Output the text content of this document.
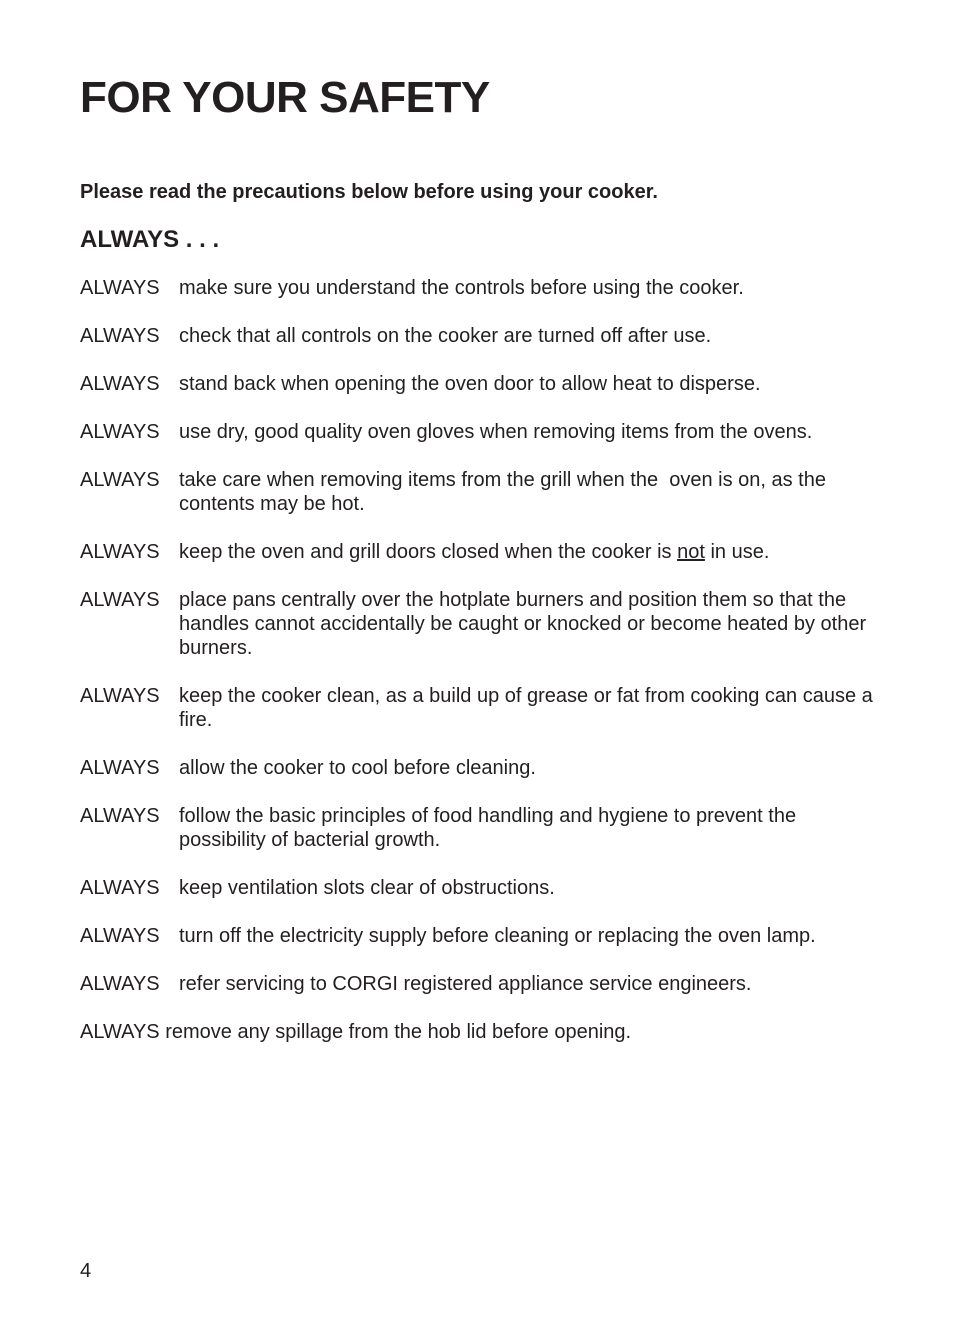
FOR YOUR SAFETY

Please read the precautions below before using your cooker.

ALWAYS . . .
ALWAYS make sure you understand the controls before using the cooker.
ALWAYS check that all controls on the cooker are turned off after use.
ALWAYS stand back when opening the oven door to allow heat to disperse.
ALWAYS use dry, good quality oven gloves when removing items from the ovens.
ALWAYS take care when removing items from the grill when the  oven is on, as the contents may be hot.
ALWAYS keep the oven and grill doors closed when the cooker is not in use.
ALWAYS place pans centrally over the hotplate burners and position them so that the handles cannot accidentally be caught or knocked or become heated by other burners.
ALWAYS keep the cooker clean, as a build up of grease or fat from cooking can cause a fire.
ALWAYS allow the cooker to cool before cleaning.
ALWAYS follow the basic principles of food handling and hygiene to prevent the possibility of bacterial growth.
ALWAYS keep ventilation slots clear of obstructions.
ALWAYS turn off the electricity supply before cleaning or replacing the oven lamp.
ALWAYS refer servicing to CORGI registered appliance service engineers.
ALWAYS remove any spillage from the hob lid before opening.
4
